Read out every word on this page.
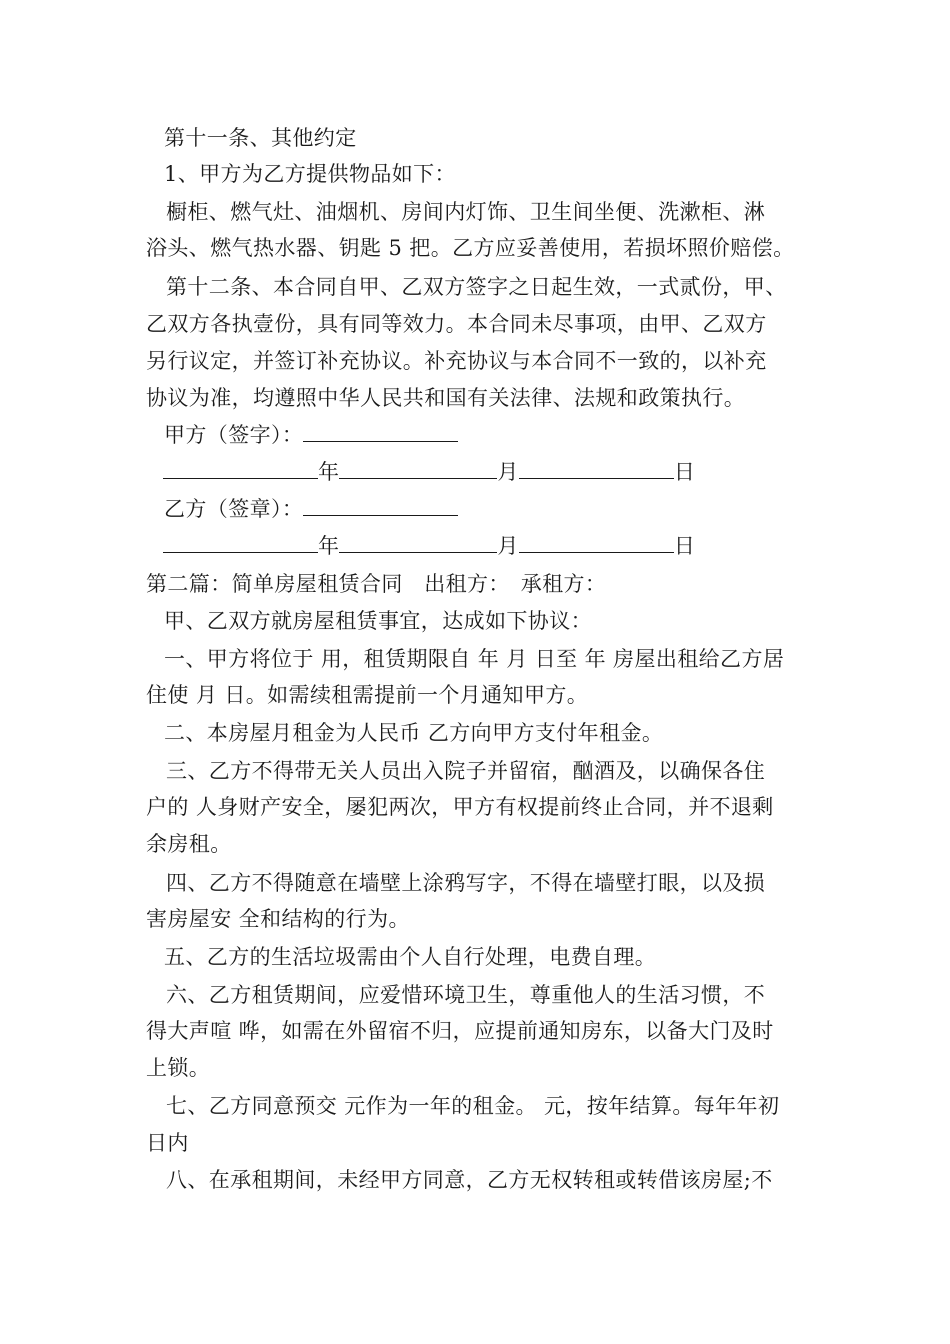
第十一条、其他约定
1、甲方为乙方提供物品如下：
橱柜、燃气灶、油烟机、房间内灯饰、卫生间坐便、洗漱柜、淋
浴头、燃气热水器、钥匙 5 把。乙方应妥善使用，若损坏照价赔偿。
第十二条、本合同自甲、乙双方签字之日起生效，一式贰份，甲、
乙双方各执壹份，具有同等效力。本合同未尽事项，由甲、乙双方
另行议定，并签订补充协议。补充协议与本合同不一致的，以补充
协议为准，均遵照中华人民共和国有关法律、法规和政策执行。
甲方（签字）：
年	月	日
乙方（签章）：
年	月	日
第二篇：简单房屋租赁合同　出租方：　承租方：
甲、乙双方就房屋租赁事宜，达成如下协议：
一、甲方将位于 用，租赁期限自 年 月 日至 年 房屋出租给乙方居
住使 月 日。如需续租需提前一个月通知甲方。
二、本房屋月租金为人民币 乙方向甲方支付年租金。
三、乙方不得带无关人员出入院子并留宿，酗酒及，以确保各住
户的 人身财产安全，屡犯两次，甲方有权提前终止合同，并不退剩
余房租。
四、乙方不得随意在墙壁上涂鸦写字，不得在墙壁打眼，以及损
害房屋安 全和结构的行为。
五、乙方的生活垃圾需由个人自行处理，电费自理。
六、乙方租赁期间，应爱惜环境卫生，尊重他人的生活习惯，不
得大声喧 哗，如需在外留宿不归，应提前通知房东，以备大门及时
上锁。
七、乙方同意预交 元作为一年的租金。 元，按年结算。每年年初
日内
八、在承租期间，未经甲方同意，乙方无权转租或转借该房屋;不
